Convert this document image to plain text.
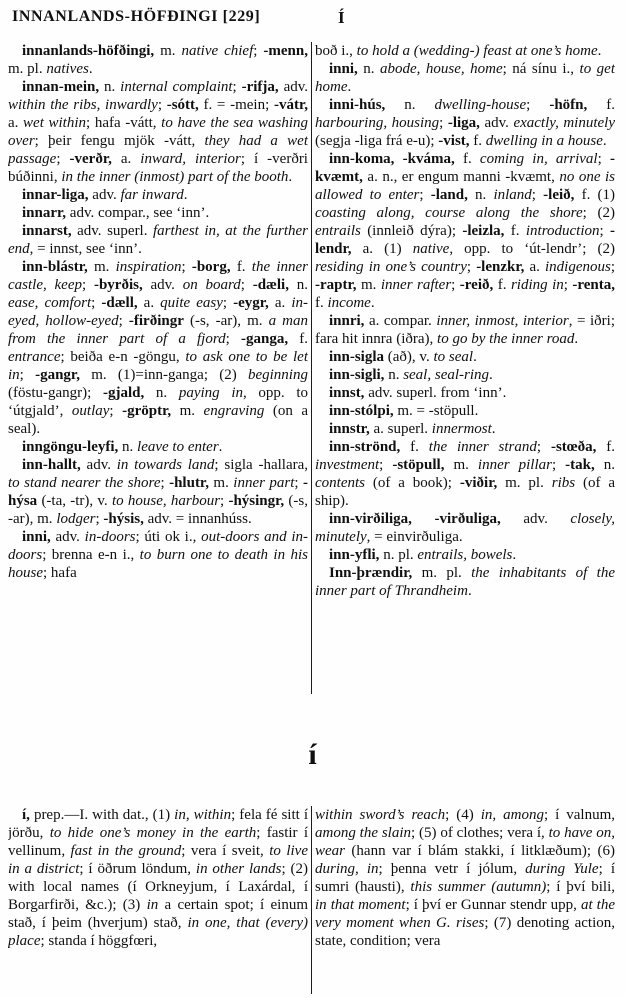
INNANLANDS-HÖFÐINGI [229]	Í

innanlands-höfðingi, m. native chief; -menn, m. pl. natives.

innan-mein, n. internal complaint; -rifja, adv. within the ribs, inwardly; -sótt, f. = -mein; -vátr, a. wet within; hafa -vátt, to have the sea washing over; þeir fengu mjök -vátt, they had a wet passage; -verðr, a. inward, interior; í -verðri búðinni, in the inner (inmost) part of the booth.

innar-liga, adv. far inward.

innarr, adv. compar., see ‘inn’.

innarst, adv. superl. farthest in, at the further end, = innst, see ‘inn’.

inn-blástr, m. inspiration; -borg, f. the inner castle, keep; -byrðis, adv. on board; -dæli, n. ease, comfort; -dæll, a. quite easy; -eygr, a. in-eyed, hollow-eyed; -firðingr (-s, -ar), m. a man from the inner part of a fjord; -ganga, f. entrance; beiða e-n -göngu, to ask one to be let in; -gangr, m. (1)=inn-ganga; (2) beginning (föstu-gangr); -gjald, n. paying in, opp. to ‘útgjald’, outlay; -gröptr, m. engraving (on a seal).

inngöngu-leyfi, n. leave to enter.

inn-hallt, adv. in towards land; sigla -hallara, to stand nearer the shore; -hlutr, m. inner part; -hýsa (-ta, -tr), v. to house, harbour; -hýsingr, (-s, -ar), m. lodger; -hýsis, adv. = innanhúss.

inni, adv. in-doors; úti ok i., out-doors and in-doors; brenna e-n i., to burn one to death in his house; hafa

boð i., to hold a (wedding-) feast at one’s home.

inni, n. abode, house, home; ná sínu i., to get home.

inni-hús, n. dwelling-house; -höfn, f. harbouring, housing; -liga, adv. exactly, minutely (segja -liga frá e-u); -vist, f. dwelling in a house.

inn-koma, -kváma, f. coming in, arrival; -kvæmt, a. n., er engum manni -kvæmt, no one is allowed to enter; -land, n. inland; -leið, f. (1) coasting along, course along the shore; (2) entrails (innleið dýra); -leizla, f. introduction; -lendr, a. (1) native, opp. to ‘út-lendr’; (2) residing in one’s country; -lenzkr, a. indigenous; -raptr, m. inner rafter; -reið, f. riding in; -renta, f. income.

innri, a. compar. inner, inmost, interior, = iðri; fara hit innra (iðra), to go by the inner road.

inn-sigla (að), v. to seal.

inn-sigli, n. seal, seal-ring.

innst, adv. superl. from ‘inn’.

inn-stólpi, m. = -stöpull.

innstr, a. superl. innermost.

inn-strönd, f. the inner strand; -stœða, f. investment; -stöpull, m. inner pillar; -tak, n. contents (of a book); -viðir, m. pl. ribs (of a ship).

inn-virðiliga, -virðuliga, adv. closely, minutely, = einvirðuliga.

inn-yfli, n. pl. entrails, bowels.

Inn-þrændir, m. pl. the inhabitants of the inner part of Thrandheim.

í

í, prep.—I. with dat., (1) in, within; fela fé sitt í jörðu, to hide one’s money in the earth; fastir í vellinum, fast in the ground; vera í sveit, to live in a district; í öðrum löndum, in other lands; (2) with local names (í Orkneyjum, í Laxárdal, í Borgarfirði, &c.); (3) in a certain spot; í einum stað, í þeim (hverjum) stað, in one, that (every) place; standa í höggfœri,

within sword’s reach; (4) in, among; í valnum, among the slain; (5) of clothes; vera í, to have on, wear (hann var í blám stakki, í litklæðum); (6) during, in; þenna vetr í jólum, during Yule; í sumri (hausti), this summer (autumn); í því bili, in that moment; í því er Gunnar stendr upp, at the very moment when G. rises; (7) denoting action, state, condition; vera
